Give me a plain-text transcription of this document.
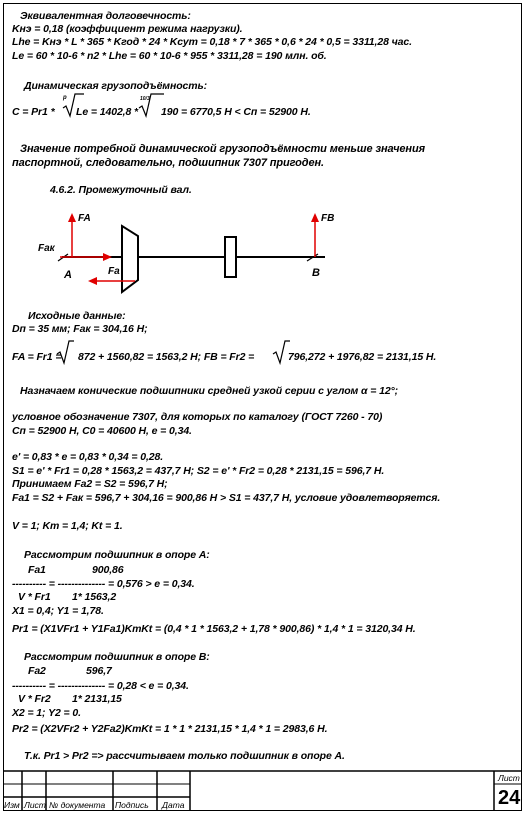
Эквивалентная долговечность:
Kнэ = 0,18 (коэффициент режима нагрузки).
Lhe = Kнэ * L * 365 * Kгод * 24 * Kсут = 0,18 * 7 * 365 * 0,6 * 24 * 0,5 = 3311,28 час.
Le = 60 * 10-6 * n2 * Lhe = 60 * 10-6 * 955 * 3311,28 = 190 млн. об.
Динамическая грузоподъёмность:
C = Pr1 *
p
Le = 1402,8 *
10/3
190 = 6770,5 H < Cп = 52900 H.
Значение потребной динамической грузоподъёмности меньше значения
паспортной, следовательно, подшипник 7307 пригоден.
4.6.2. Промежуточный вал.
FA	FB
Fак
Fa
A	B
Исходные данные:
Dп = 35 мм; Fак = 304,16 H;
FA = Fr1 = 872 + 1560,82 = 1563,2 H; FB = Fr2 =	796,272 + 1976,82 = 2131,15 H.
Назначаем конические подшипники средней узкой серии с углом α = 12°;
условное обозначение 7307, для которых по каталогу (ГОСТ 7260 - 70)
Cп = 52900 H, C0 = 40600 H, e = 0,34.
e' = 0,83 * e = 0,83 * 0,34 = 0,28.
S1 = e' * Fr1 = 0,28 * 1563,2 = 437,7 H; S2 = e' * Fr2 = 0,28 * 2131,15 = 596,7 H.
Принимаем Fa2 = S2 = 596,7 H;
Fa1 = S2 + Fак = 596,7 + 304,16 = 900,86 H > S1 = 437,7 H, условие удовлетворяется.
V = 1; Kт = 1,4; Kt = 1.
Рассмотрим подшипник в опоре A:
Fa1	900,86
---------- = -------------- = 0,576 > e = 0,34.
V * Fr1 1* 1563,2
X1 = 0,4; Y1 = 1,78.
Pr1 = (X1VFr1 + Y1Fa1)KтKt = (0,4 * 1 * 1563,2 + 1,78 * 900,86) * 1,4 * 1 = 3120,34 H.
Рассмотрим подшипник в опоре B:
Fa2	596,7
---------- = -------------- = 0,28 < e = 0,34.
V * Fr2 1* 2131,15
X2 = 1; Y2 = 0.
Pr2 = (X2VFr2 + Y2Fa2)KтKt = 1 * 1 * 2131,15 * 1,4 * 1 = 2983,6 H.
Т.к. Pr1 > Pr2 => рассчитываем только подшипник в опоре A.
Изм Лист № документа Подпись Дата
Лист
24
